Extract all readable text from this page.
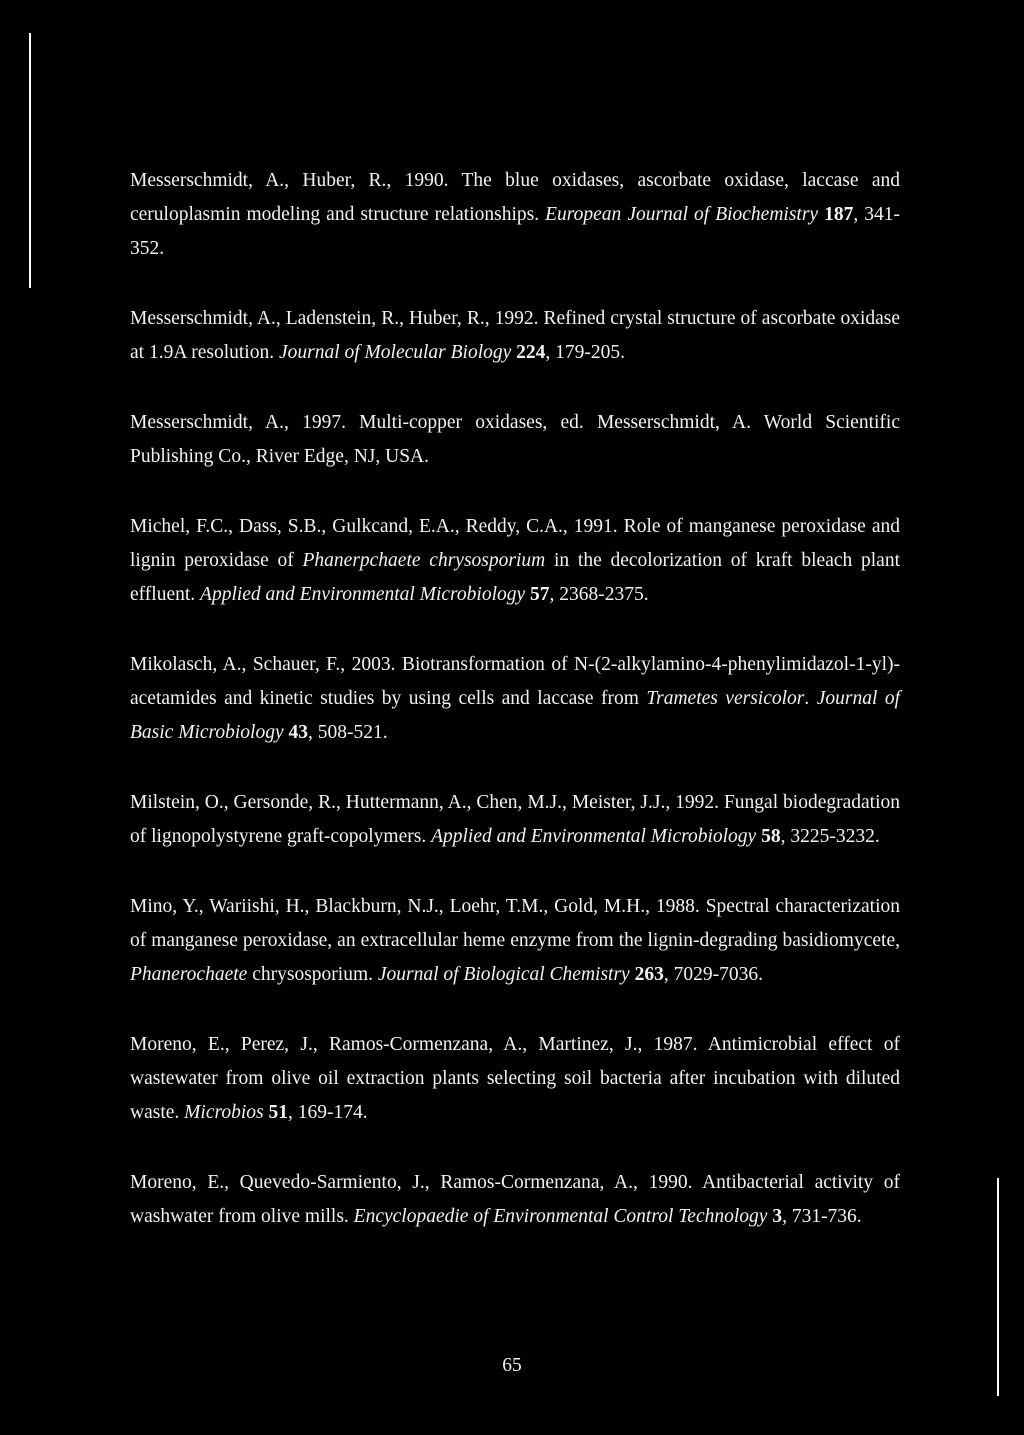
Messerschmidt, A., Huber, R., 1990. The blue oxidases, ascorbate oxidase, laccase and ceruloplasmin modeling and structure relationships. European Journal of Biochemistry 187, 341-352.

Messerschmidt, A., Ladenstein, R., Huber, R., 1992. Refined crystal structure of ascorbate oxidase at 1.9A resolution. Journal of Molecular Biology 224, 179-205.

Messerschmidt, A., 1997. Multi-copper oxidases, ed. Messerschmidt, A. World Scientific Publishing Co., River Edge, NJ, USA.

Michel, F.C., Dass, S.B., Gulkcand, E.A., Reddy, C.A., 1991. Role of manganese peroxidase and lignin peroxidase of Phanerpchaete chrysosporium in the decolorization of kraft bleach plant effluent. Applied and Environmental Microbiology 57, 2368-2375.

Mikolasch, A., Schauer, F., 2003. Biotransformation of N-(2-alkylamino-4-phenylimidazol-1-yl)-acetamides and kinetic studies by using cells and laccase from Trametes versicolor. Journal of Basic Microbiology 43, 508-521.

Milstein, O., Gersonde, R., Huttermann, A., Chen, M.J., Meister, J.J., 1992. Fungal biodegradation of lignopolystyrene graft-copolymers. Applied and Environmental Microbiology 58, 3225-3232.

Mino, Y., Wariishi, H., Blackburn, N.J., Loehr, T.M., Gold, M.H., 1988. Spectral characterization of manganese peroxidase, an extracellular heme enzyme from the lignin-degrading basidiomycete, Phanerochaete chrysosporium. Journal of Biological Chemistry 263, 7029-7036.

Moreno, E., Perez, J., Ramos-Cormenzana, A., Martinez, J., 1987. Antimicrobial effect of wastewater from olive oil extraction plants selecting soil bacteria after incubation with diluted waste. Microbios 51, 169-174.

Moreno, E., Quevedo-Sarmiento, J., Ramos-Cormenzana, A., 1990. Antibacterial activity of washwater from olive mills. Encyclopaedie of Environmental Control Technology 3, 731-736.

65
